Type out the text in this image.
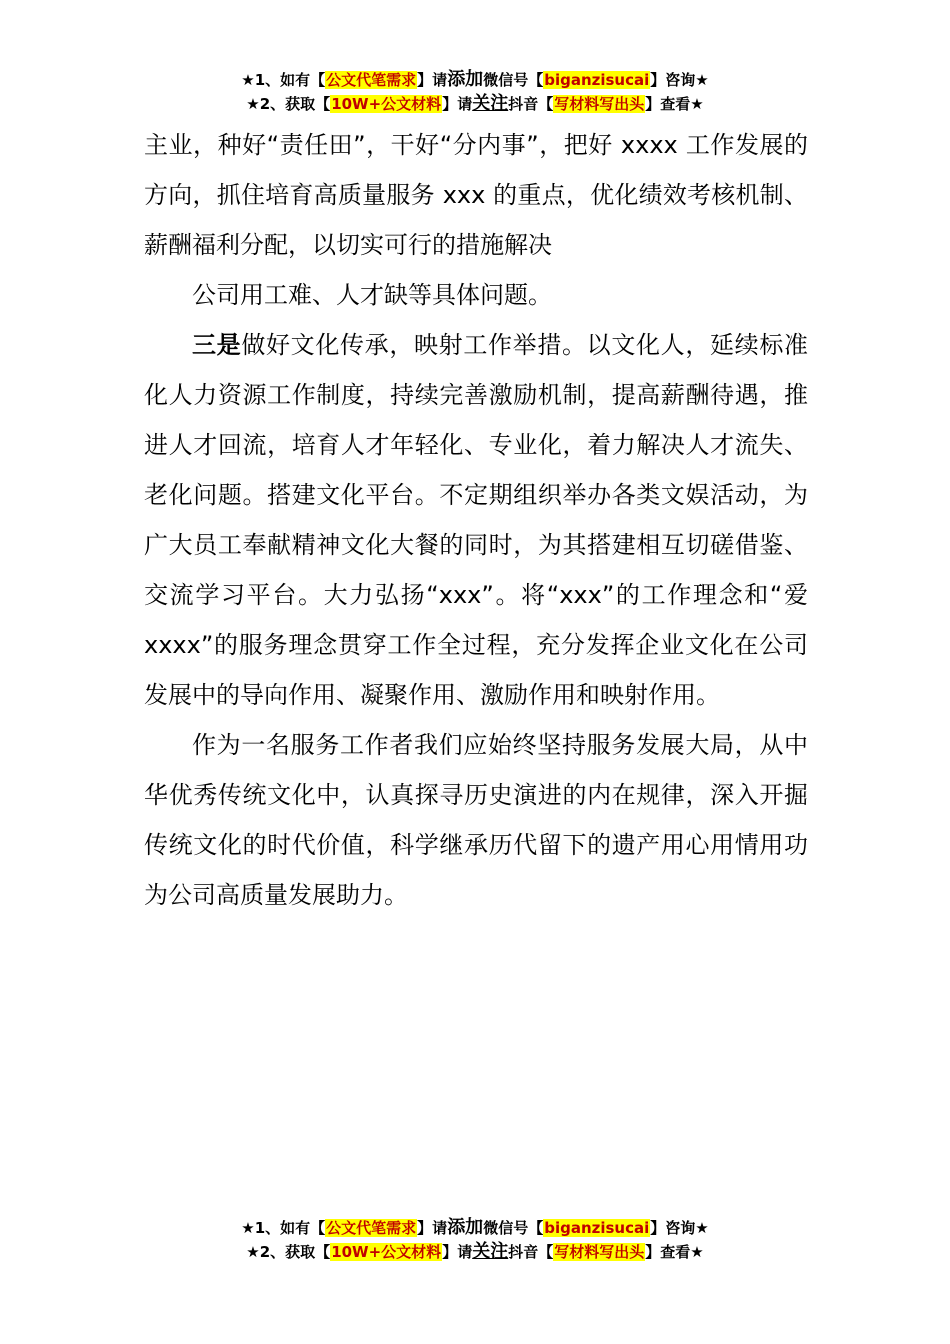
★1、如有【公文代笔需求】请添加微信号【biganzisucai】咨询★
★2、获取【10W+公文材料】请关注抖音【写材料写出头】查看★

主业，种好“责任田”，干好“分内事”，把好 xxxx 工作发展的方向，抓住培育高质量服务 xxx 的重点，优化绩效考核机制、薪酬福利分配，以切实可行的措施解决

公司用工难、人才缺等具体问题。

三是做好文化传承，映射工作举措。以文化人，延续标准化人力资源工作制度，持续完善激励机制，提高薪酬待遇，推进人才回流，培育人才年轻化、专业化，着力解决人才流失、老化问题。搭建文化平台。不定期组织举办各类文娱活动，为广大员工奉献精神文化大餐的同时，为其搭建相互切磋借鉴、交流学习平台。大力弘扬“xxx”。将“xxx”的工作理念和“爱 xxxx”的服务理念贯穿工作全过程，充分发挥企业文化在公司发展中的导向作用、凝聚作用、激励作用和映射作用。

作为一名服务工作者我们应始终坚持服务发展大局，从中华优秀传统文化中，认真探寻历史演进的内在规律，深入开掘传统文化的时代价值，科学继承历代留下的遗产用心用情用功为公司高质量发展助力。

★1、如有【公文代笔需求】请添加微信号【biganzisucai】咨询★
★2、获取【10W+公文材料】请关注抖音【写材料写出头】查看★
